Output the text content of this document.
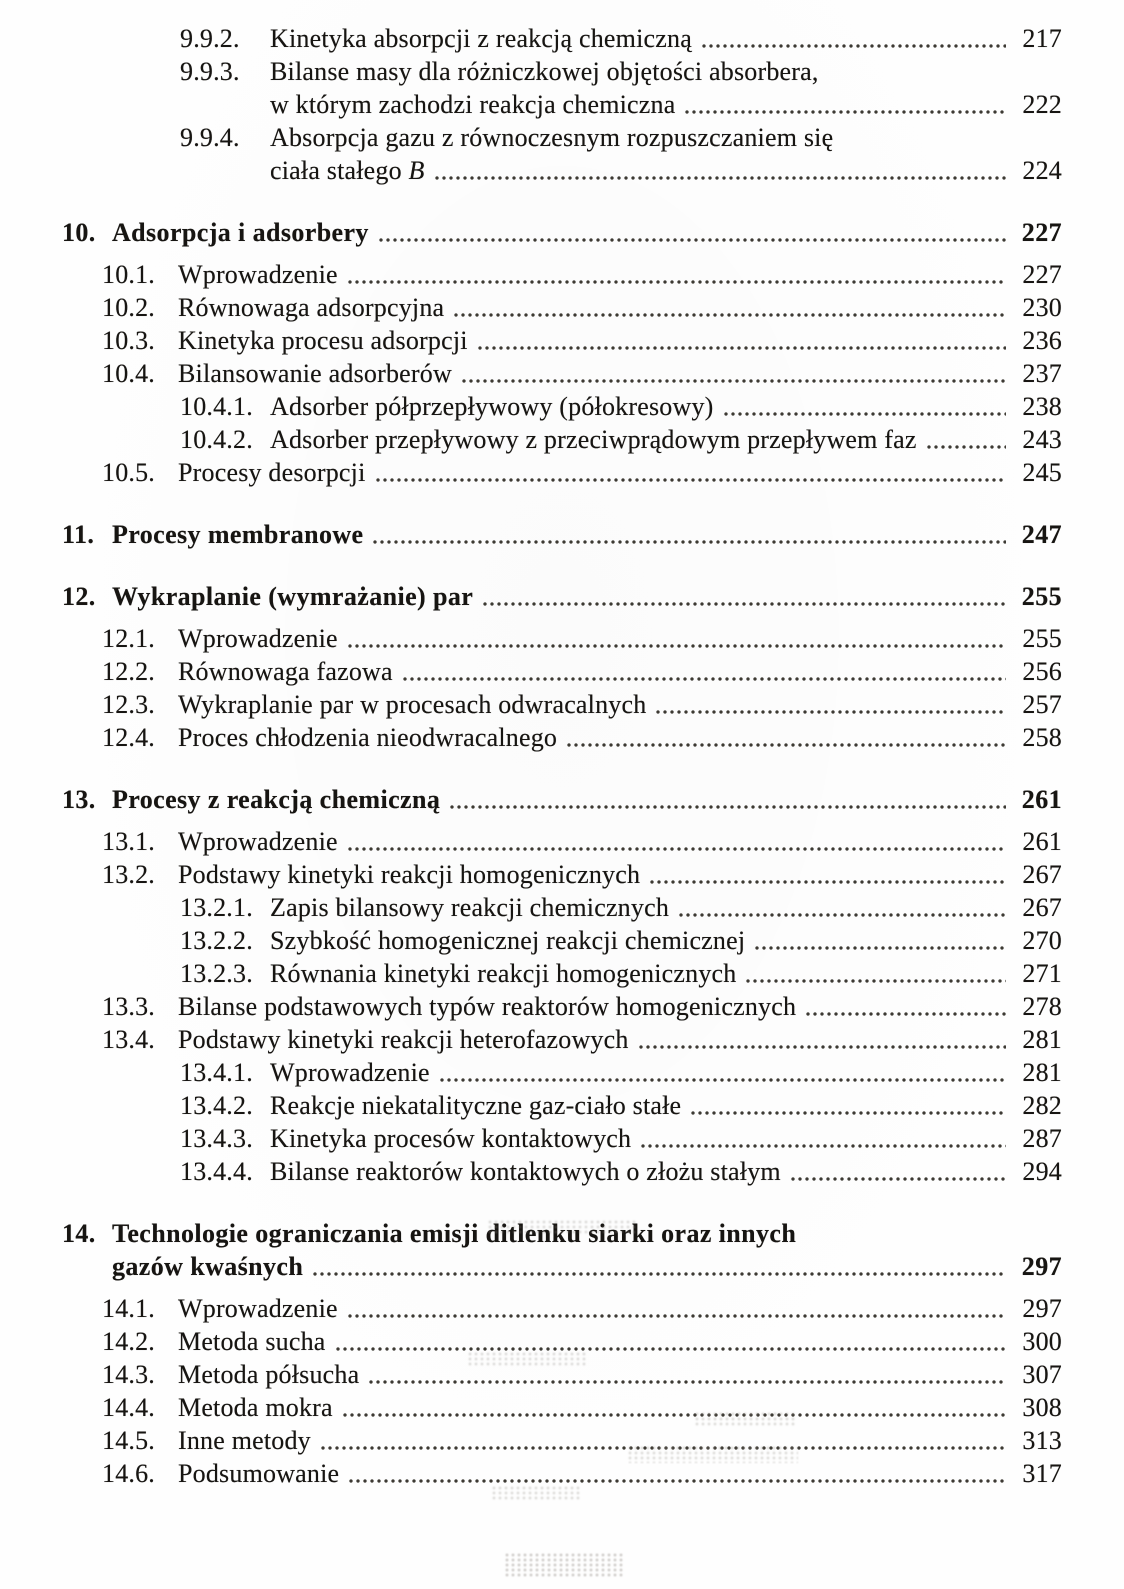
9.9.2.	Kinetyka absorpcji z reakcją chemiczną	217
9.9.3.	Bilanse masy dla różniczkowej objętości absorbera,
w którym zachodzi reakcja chemiczna	222
9.9.4.	Absorpcja gazu z równoczesnym rozpuszczaniem się
ciała stałego B	224
10. Adsorpcja i adsorbery	227
10.1. Wprowadzenie	227
10.2. Równowaga adsorpcyjna	230
10.3. Kinetyka procesu adsorpcji	236
10.4. Bilansowanie adsorberów	237
10.4.1. Adsorber półprzepływowy (półokresowy)	238
10.4.2. Adsorber przepływowy z przeciwprądowym przepływem faz	243
10.5. Procesy desorpcji	245
11. Procesy membranowe	247
12. Wykraplanie (wymrażanie) par	255
12.1. Wprowadzenie	255
12.2. Równowaga fazowa	256
12.3. Wykraplanie par w procesach odwracalnych	257
12.4. Proces chłodzenia nieodwracalnego	258
13. Procesy z reakcją chemiczną	261
13.1. Wprowadzenie	261
13.2. Podstawy kinetyki reakcji homogenicznych	267
13.2.1. Zapis bilansowy reakcji chemicznych	267
13.2.2. Szybkość homogenicznej reakcji chemicznej	270
13.2.3. Równania kinetyki reakcji homogenicznych	271
13.3. Bilanse podstawowych typów reaktorów homogenicznych	278
13.4. Podstawy kinetyki reakcji heterofazowych	281
13.4.1. Wprowadzenie	281
13.4.2. Reakcje niekatalityczne gaz-ciało stałe	282
13.4.3. Kinetyka procesów kontaktowych	287
13.4.4. Bilanse reaktorów kontaktowych o złożu stałym	294
14. Technologie ograniczania emisji ditlenku siarki oraz innych
gazów kwaśnych	297
14.1. Wprowadzenie	297
14.2. Metoda sucha	300
14.3. Metoda półsucha	307
14.4. Metoda mokra	308
14.5. Inne metody	313
14.6. Podsumowanie	317
